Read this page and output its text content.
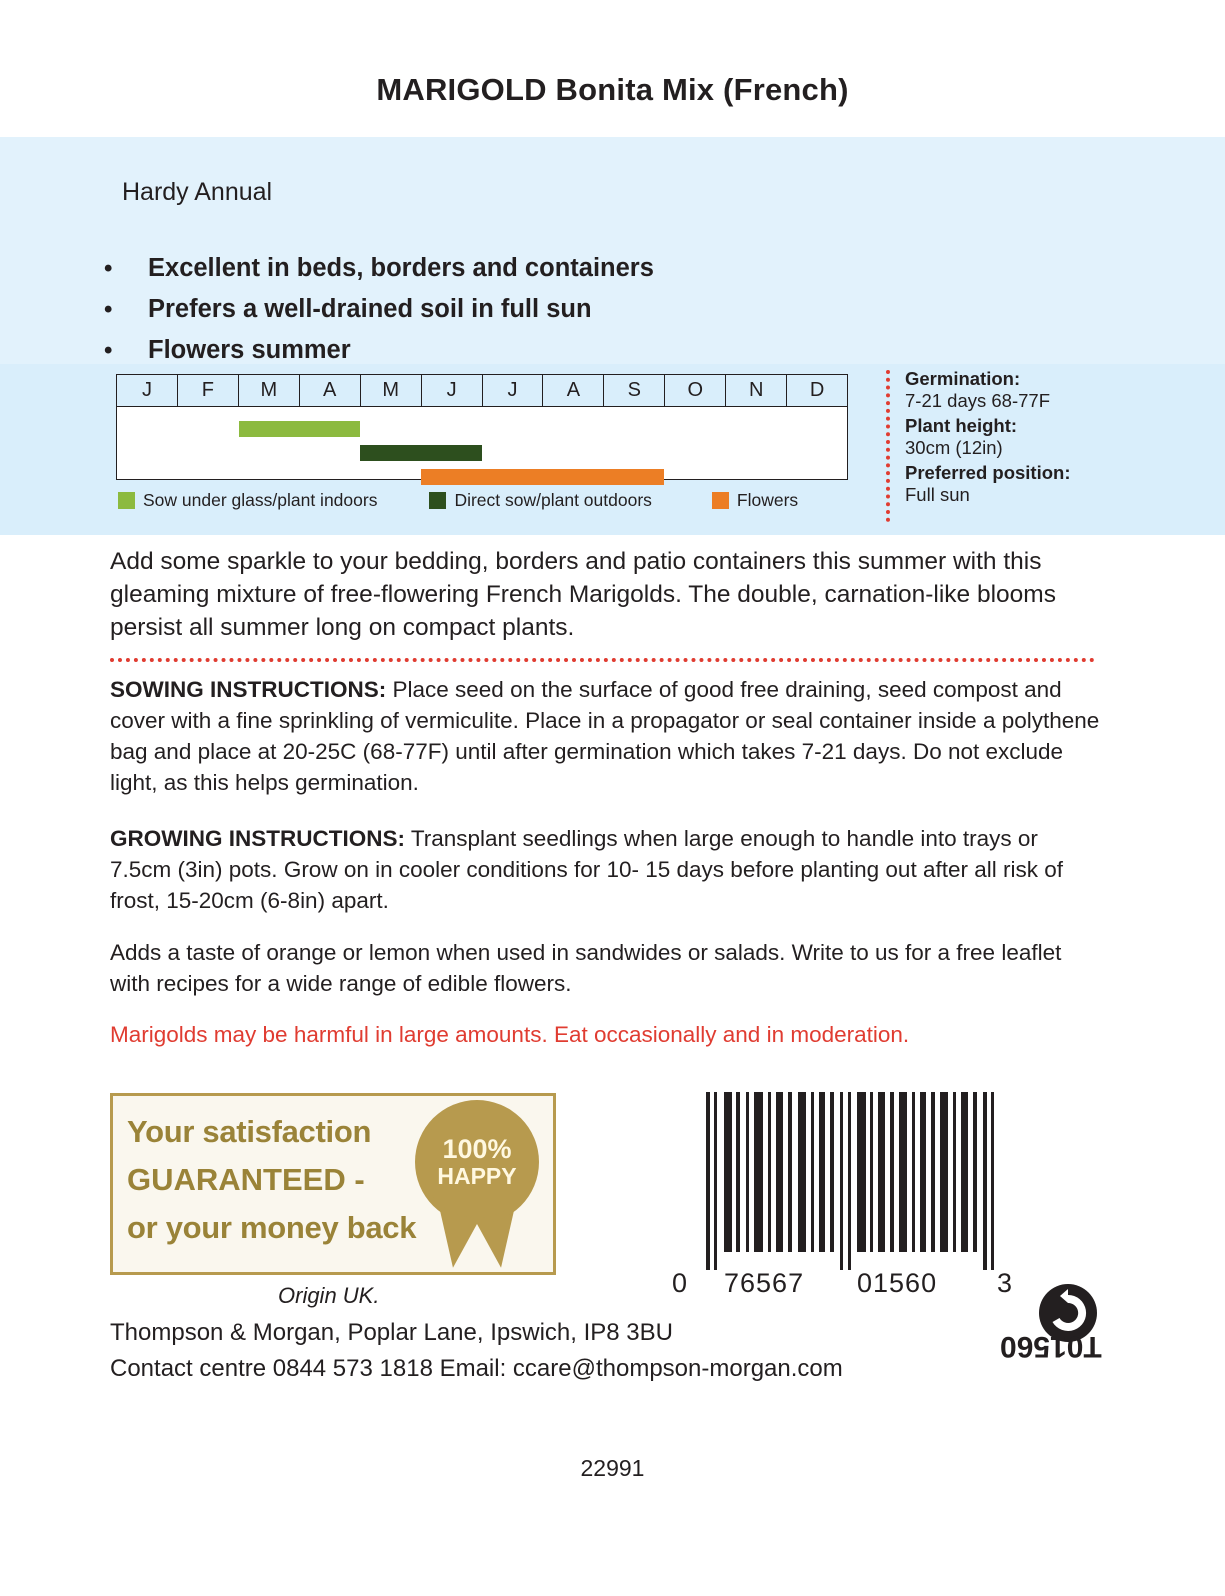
MARIGOLD Bonita Mix (French)
Hardy Annual
• Excellent in beds, borders and containers
• Prefers a well-drained soil in full sun
• Flowers summer
J	F	M	A	M	J	J	A	S	O	N	D
Sow under glass/plant indoors	Direct sow/plant outdoors	Flowers
Germination:
7-21 days 68-77F
Plant height:
30cm (12in)
Preferred position:
Full sun
Add some sparkle to your bedding, borders and patio containers this summer with this gleaming mixture of free-flowering French Marigolds. The double, carnation-like blooms persist all summer long on compact plants.
SOWING INSTRUCTIONS: Place seed on the surface of good free draining, seed compost and cover with a fine sprinkling of vermiculite. Place in a propagator or seal container inside a polythene bag and place at 20-25C (68-77F) until after germination which takes 7-21 days. Do not exclude light, as this helps germination.
GROWING INSTRUCTIONS: Transplant seedlings when large enough to handle into trays or 7.5cm (3in) pots. Grow on in cooler conditions for 10- 15 days before planting out after all risk of frost, 15-20cm (6-8in) apart.
Adds a taste of orange or lemon when used in sandwides or salads. Write to us for a free leaflet with recipes for a wide range of edible flowers.
Marigolds may be harmful in large amounts. Eat occasionally and in moderation.
Your satisfaction
GUARANTEED -
or your money back
100%
HAPPY
0 76567 01560 3
T01560
Origin UK.
Thompson & Morgan, Poplar Lane, Ipswich, IP8 3BU
Contact centre 0844 573 1818 Email: ccare@thompson-morgan.com
22991
